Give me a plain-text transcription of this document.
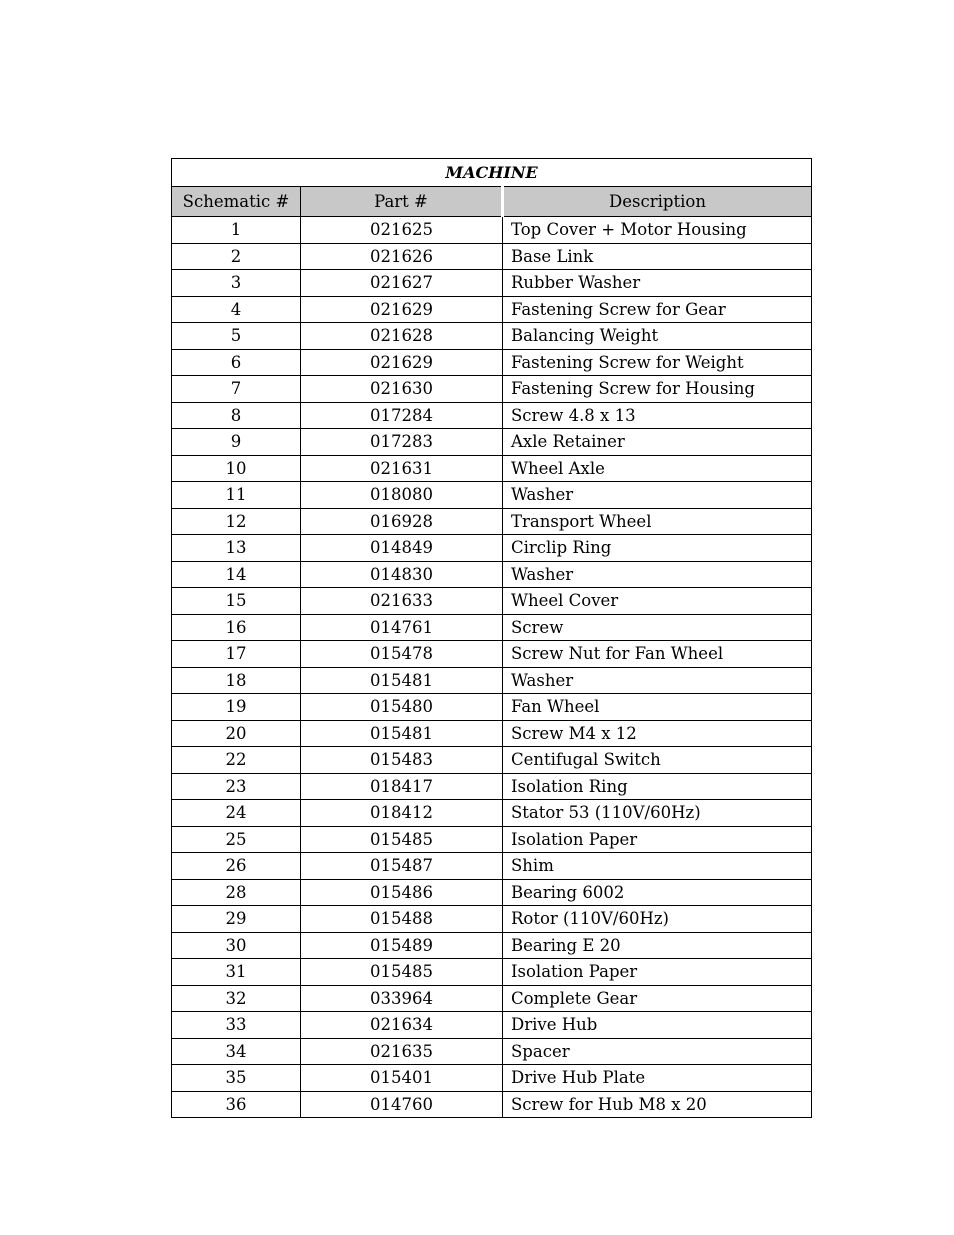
MACHINE		
Schematic #	Part #	Description
1	021625	Top Cover + Motor Housing
2	021626	Base Link
3	021627	Rubber Washer
4	021629	Fastening Screw for Gear
5	021628	Balancing Weight
6	021629	Fastening Screw for Weight
7	021630	Fastening Screw for Housing
8	017284	Screw 4.8 x 13
9	017283	Axle Retainer
10	021631	Wheel Axle
11	018080	Washer
12	016928	Transport Wheel
13	014849	Circlip Ring
14	014830	Washer
15	021633	Wheel Cover
16	014761	Screw
17	015478	Screw Nut for Fan Wheel
18	015481	Washer
19	015480	Fan Wheel
20	015481	Screw M4 x 12
22	015483	Centifugal Switch
23	018417	Isolation Ring
24	018412	Stator 53 (110V/60Hz)
25	015485	Isolation Paper
26	015487	Shim
28	015486	Bearing 6002
29	015488	Rotor (110V/60Hz)
30	015489	Bearing E 20
31	015485	Isolation Paper
32	033964	Complete Gear
33	021634	Drive Hub
34	021635	Spacer
35	015401	Drive Hub Plate
36	014760	Screw for Hub M8 x 20
